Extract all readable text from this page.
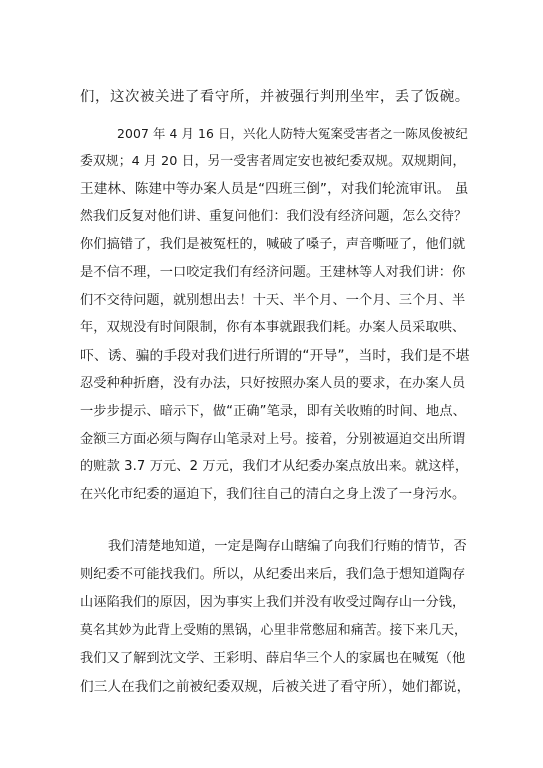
们，这次被关进了看守所，并被强行判刑坐牢，丢了饭碗。
2007 年 4 月 16 日，兴化人防特大冤案受害者之一陈凤俊被纪
委双规；4 月 20 日，另一受害者周定安也被纪委双规。双规期间，
王建林、陈建中等办案人员是“四班三倒”，对我们轮流审讯。 虽
然我们反复对他们讲、重复问他们：我们没有经济问题，怎么交待？
你们搞错了，我们是被冤枉的，喊破了嗓子，声音嘶哑了，他们就
是不信不理，一口咬定我们有经济问题。王建林等人对我们讲：你
们不交待问题，就别想出去！十天、半个月、一个月、三个月、半
年，双规没有时间限制，你有本事就跟我们耗。办案人员采取哄、
吓、诱、骗的手段对我们进行所谓的“开导”，当时，我们是不堪
忍受种种折磨，没有办法，只好按照办案人员的要求，在办案人员
一步步提示、暗示下，做“正确”笔录，即有关收贿的时间、地点、
金额三方面必须与陶存山笔录对上号。接着，分别被逼迫交出所谓
的赃款 3.7 万元、2 万元，我们才从纪委办案点放出来。就这样，
在兴化市纪委的逼迫下，我们往自己的清白之身上泼了一身污水。
我们清楚地知道，一定是陶存山瞎编了向我们行贿的情节，否
则纪委不可能找我们。所以，从纪委出来后，我们急于想知道陶存
山诬陷我们的原因，因为事实上我们并没有收受过陶存山一分钱，
莫名其妙为此背上受贿的黑锅，心里非常憋屈和痛苦。接下来几天，
我们又了解到沈文学、王彩明、薛启华三个人的家属也在喊冤（他
们三人在我们之前被纪委双规，后被关进了看守所），她们都说，
